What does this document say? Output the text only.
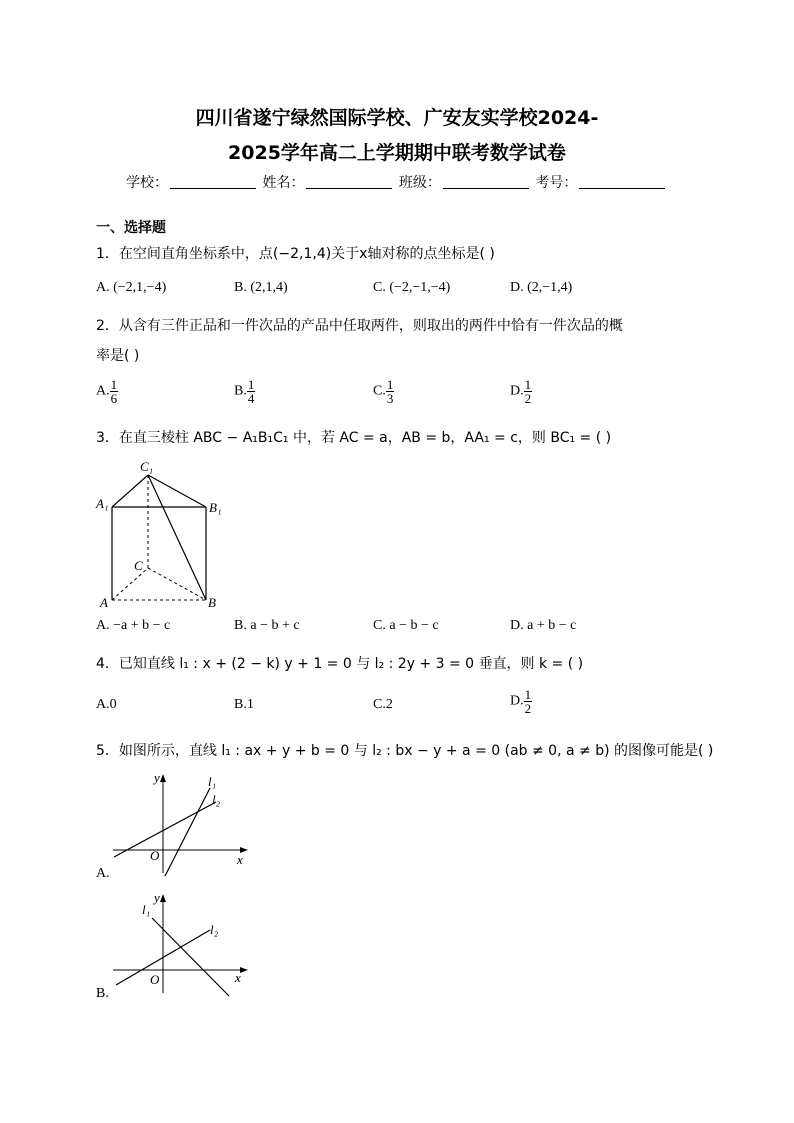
四川省遂宁绿然国际学校、广安友实学校2024-
2025学年高二上学期期中联考数学试卷
学校：	姓名：	班级：	考号：
一、选择题
1．在空间直角坐标系中，点(−2,1,4)关于x轴对称的点坐标是( )
A. (−2,1,−4)	B. (2,1,4)	C. (−2,−1,−4)	D. (2,−1,4)
2．从含有三件正品和一件次品的产品中任取两件，则取出的两件中恰有一件次品的概
率是( )
A. $\frac{1}{6}$	B. $\frac{1}{4}$	C. $\frac{1}{3}$	D. $\frac{1}{2}$
3．在直三棱柱 ABC − A₁B₁C₁ 中，若 AC = a，AB = b，AA₁ = c，则 BC₁ = ( )
C₁
A₁	B₁
C
A	B
A. −a + b − c	B. a − b + c	C. a − b − c	D. a + b − c
4．已知直线 l₁ : x + (2 − k) y + 1 = 0 与 l₂ : 2y + 3 = 0 垂直，则 k = ( )
A.0	B.1	C.2	D. $\frac{1}{2}$
5．如图所示，直线 l₁ : ax + y + b = 0 与 l₂ : bx − y + a = 0 (ab ≠ 0, a ≠ b) 的图像可能是( )
y
x
O
l₁
l₂
A.
y
x
O
l₁
l₂
B.
